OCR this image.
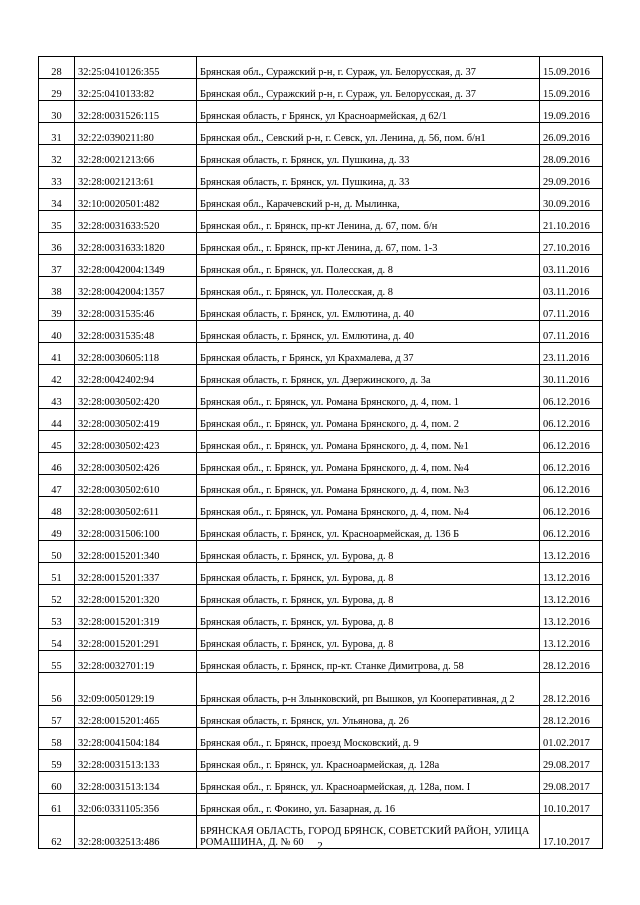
28	32:25:0410126:355	Брянская обл., Суражский р-н, г. Сураж, ул. Белорусская, д. 37	15.09.2016
29	32:25:0410133:82	Брянская обл., Суражский р-н, г. Сураж, ул. Белорусская, д. 37	15.09.2016
30	32:28:0031526:115	Брянская область, г Брянск, ул Красноармейская, д 62/1	19.09.2016
31	32:22:0390211:80	Брянская обл., Севский р-н, г. Севск, ул. Ленина, д. 56, пом. б/н1	26.09.2016
32	32:28:0021213:66	Брянская область, г. Брянск, ул. Пушкина, д. 33	28.09.2016
33	32:28:0021213:61	Брянская область, г. Брянск, ул. Пушкина, д. 33	29.09.2016
34	32:10:0020501:482	Брянская обл., Карачевский р-н, д. Мылинка,	30.09.2016
35	32:28:0031633:520	Брянская обл., г. Брянск, пр-кт Ленина, д. 67, пом. б/н	21.10.2016
36	32:28:0031633:1820	Брянская обл., г. Брянск, пр-кт Ленина, д. 67, пом. 1-3	27.10.2016
37	32:28:0042004:1349	Брянская обл., г. Брянск, ул. Полесская, д. 8	03.11.2016
38	32:28:0042004:1357	Брянская обл., г. Брянск, ул. Полесская, д. 8	03.11.2016
39	32:28:0031535:46	Брянская область, г. Брянск, ул. Емлютина, д. 40	07.11.2016
40	32:28:0031535:48	Брянская область, г. Брянск, ул. Емлютина, д. 40	07.11.2016
41	32:28:0030605:118	Брянская область, г Брянск, ул Крахмалева, д 37	23.11.2016
42	32:28:0042402:94	Брянская область, г. Брянск, ул. Дзержинского, д. 3а	30.11.2016
43	32:28:0030502:420	Брянская обл., г. Брянск, ул. Романа Брянского, д. 4, пом. 1	06.12.2016
44	32:28:0030502:419	Брянская обл., г. Брянск, ул. Романа Брянского, д. 4, пом. 2	06.12.2016
45	32:28:0030502:423	Брянская обл., г. Брянск, ул. Романа Брянского, д. 4, пом. №1	06.12.2016
46	32:28:0030502:426	Брянская обл., г. Брянск, ул. Романа Брянского, д. 4, пом. №4	06.12.2016
47	32:28:0030502:610	Брянская обл., г. Брянск, ул. Романа Брянского, д. 4, пом. №3	06.12.2016
48	32:28:0030502:611	Брянская обл., г. Брянск, ул. Романа Брянского, д. 4, пом. №4	06.12.2016
49	32:28:0031506:100	Брянская область, г. Брянск, ул. Красноармейская, д. 136 Б	06.12.2016
50	32:28:0015201:340	Брянская область, г. Брянск, ул. Бурова, д. 8	13.12.2016
51	32:28:0015201:337	Брянская область, г. Брянск, ул. Бурова, д. 8	13.12.2016
52	32:28:0015201:320	Брянская область, г. Брянск, ул. Бурова, д. 8	13.12.2016
53	32:28:0015201:319	Брянская область, г. Брянск, ул. Бурова, д. 8	13.12.2016
54	32:28:0015201:291	Брянская область, г. Брянск, ул. Бурова, д. 8	13.12.2016
55	32:28:0032701:19	Брянская область, г. Брянск, пр-кт. Станке Димитрова, д. 58	28.12.2016
56	32:09:0050129:19	Брянская область, р-н Злынковский, рп Вышков, ул Кооперативная, д 2	28.12.2016
57	32:28:0015201:465	Брянская область, г. Брянск, ул. Ульянова, д. 26	28.12.2016
58	32:28:0041504:184	Брянская обл., г. Брянск, проезд Московский, д. 9	01.02.2017
59	32:28:0031513:133	Брянская обл., г. Брянск, ул. Красноармейская, д. 128а	29.08.2017
60	32:28:0031513:134	Брянская обл., г. Брянск, ул. Красноармейская, д. 128а, пом. I	29.08.2017
61	32:06:0331105:356	Брянская обл., г. Фокино, ул. Базарная, д. 16	10.10.2017
62	32:28:0032513:486	БРЯНСКАЯ ОБЛАСТЬ, ГОРОД БРЯНСК, СОВЕТСКИЙ РАЙОН, УЛИЦА РОМАШИНА, Д. № 60	17.10.2017
2
